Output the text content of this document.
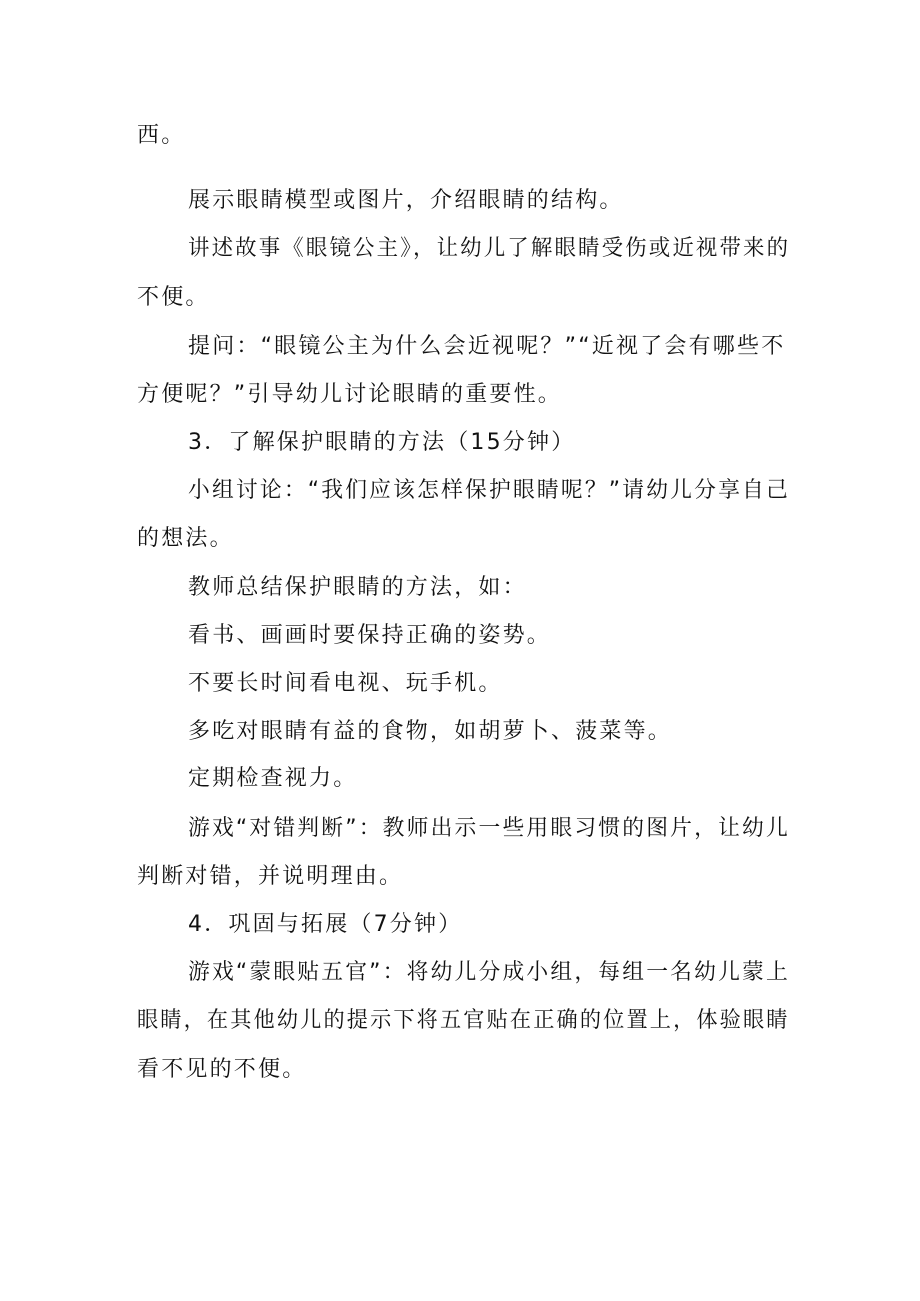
西。
展示眼睛模型或图片，介绍眼睛的结构。
讲述故事《眼镜公主》，让幼儿了解眼睛受伤或近视带来的
不便。
提问：“眼镜公主为什么会近视呢？”“近视了会有哪些不
方便呢？”引导幼儿讨论眼睛的重要性。
3．了解保护眼睛的方法（15分钟）
小组讨论：“我们应该怎样保护眼睛呢？”请幼儿分享自己
的想法。
教师总结保护眼睛的方法，如：
看书、画画时要保持正确的姿势。
不要长时间看电视、玩手机。
多吃对眼睛有益的食物，如胡萝卜、菠菜等。
定期检查视力。
游戏“对错判断”：教师出示一些用眼习惯的图片，让幼儿
判断对错，并说明理由。
4．巩固与拓展（7分钟）
游戏“蒙眼贴五官”：将幼儿分成小组，每组一名幼儿蒙上
眼睛，在其他幼儿的提示下将五官贴在正确的位置上，体验眼睛
看不见的不便。
